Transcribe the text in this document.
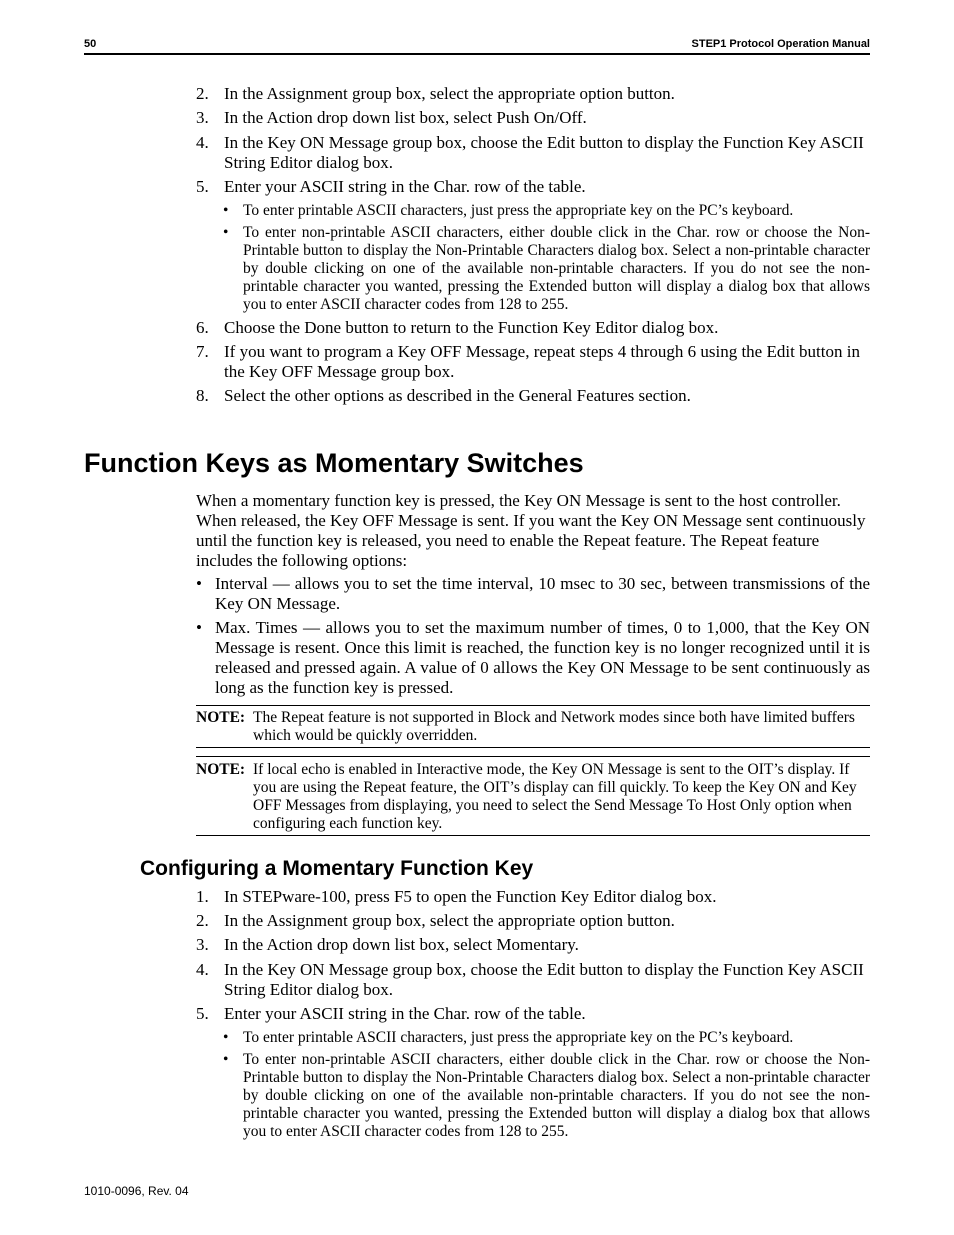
50	STEP1 Protocol Operation Manual
2. In the Assignment group box, select the appropriate option button.
3. In the Action drop down list box, select Push On/Off.
4. In the Key ON Message group box, choose the Edit button to display the Function Key ASCII String Editor dialog box.
5. Enter your ASCII string in the Char. row of the table.
• To enter printable ASCII characters, just press the appropriate key on the PC’s keyboard.
• To enter non-printable ASCII characters, either double click in the Char. row or choose the Non-Printable button to display the Non-Printable Characters dialog box. Select a non-printable character by double clicking on one of the available non-printable characters. If you do not see the non-printable character you wanted, pressing the Extended button will display a dialog box that allows you to enter ASCII character codes from 128 to 255.
6. Choose the Done button to return to the Function Key Editor dialog box.
7. If you want to program a Key OFF Message, repeat steps 4 through 6 using the Edit button in the Key OFF Message group box.
8. Select the other options as described in the General Features section.
Function Keys as Momentary Switches
When a momentary function key is pressed, the Key ON Message is sent to the host controller. When released, the Key OFF Message is sent. If you want the Key ON Message sent continuously until the function key is released, you need to enable the Repeat feature. The Repeat feature includes the following options:
• Interval — allows you to set the time interval, 10 msec to 30 sec, between transmissions of the Key ON Message.
• Max. Times — allows you to set the maximum number of times, 0 to 1,000, that the Key ON Message is resent. Once this limit is reached, the function key is no longer recognized until it is released and pressed again. A value of 0 allows the Key ON Message to be sent continuously as long as the function key is pressed.
NOTE: The Repeat feature is not supported in Block and Network modes since both have limited buffers which would be quickly overridden.
NOTE: If local echo is enabled in Interactive mode, the Key ON Message is sent to the OIT’s display. If you are using the Repeat feature, the OIT’s display can fill quickly. To keep the Key ON and Key OFF Messages from displaying, you need to select the Send Message To Host Only option when configuring each function key.
Configuring a Momentary Function Key
1. In STEPware-100, press F5 to open the Function Key Editor dialog box.
2. In the Assignment group box, select the appropriate option button.
3. In the Action drop down list box, select Momentary.
4. In the Key ON Message group box, choose the Edit button to display the Function Key ASCII String Editor dialog box.
5. Enter your ASCII string in the Char. row of the table.
• To enter printable ASCII characters, just press the appropriate key on the PC’s keyboard.
• To enter non-printable ASCII characters, either double click in the Char. row or choose the Non-Printable button to display the Non-Printable Characters dialog box. Select a non-printable character by double clicking on one of the available non-printable characters. If you do not see the non-printable character you wanted, pressing the Extended button will display a dialog box that allows you to enter ASCII character codes from 128 to 255.
1010-0096, Rev. 04
